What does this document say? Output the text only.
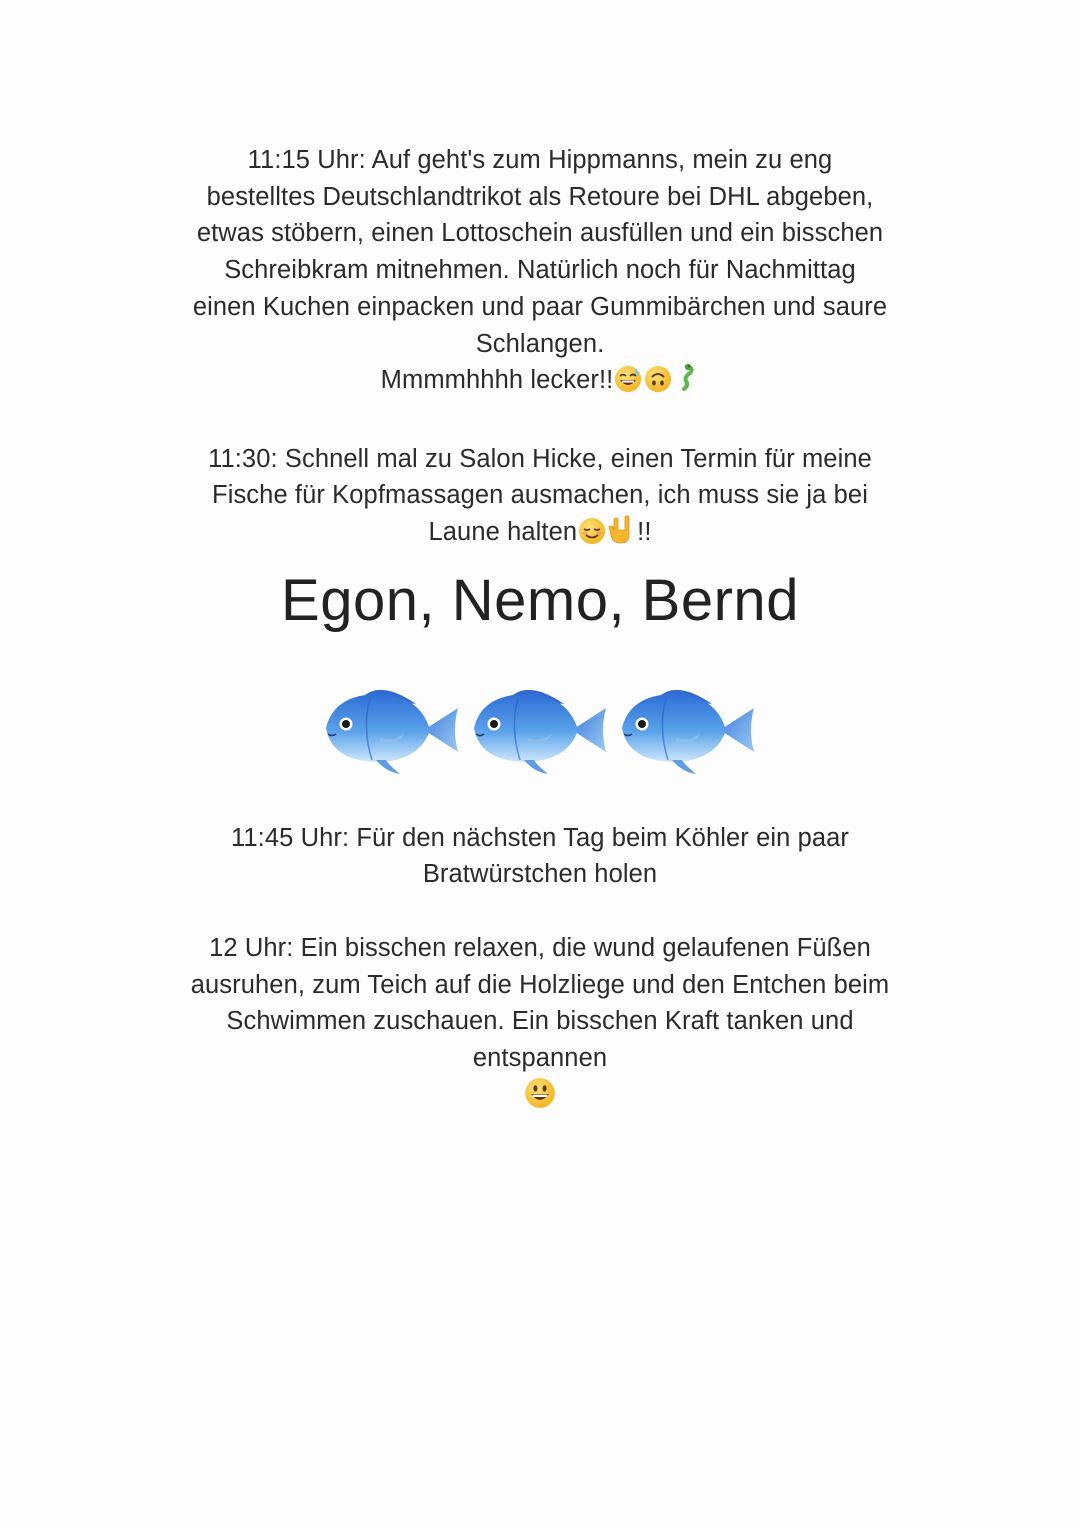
11:15 Uhr: Auf geht's zum Hippmanns, mein zu eng
bestelltes Deutschlandtrikot als Retoure bei DHL abgeben,
etwas stöbern, einen Lottoschein ausfüllen und ein bisschen
Schreibkram mitnehmen. Natürlich noch für Nachmittag
einen Kuchen einpacken und paar Gummibärchen und saure
Schlangen.
Mmmmhhhh lecker!!
11:30: Schnell mal zu Salon Hicke, einen Termin für meine
Fische für Kopfmassagen ausmachen, ich muss sie ja bei
Laune halten !!
Egon, Nemo, Bernd
11:45 Uhr: Für den nächsten Tag beim Köhler ein paar
Bratwürstchen holen
12 Uhr: Ein bisschen relaxen, die wund gelaufenen Füßen
ausruhen, zum Teich auf die Holzliege und den Entchen beim
Schwimmen zuschauen. Ein bisschen Kraft tanken und
entspannen
